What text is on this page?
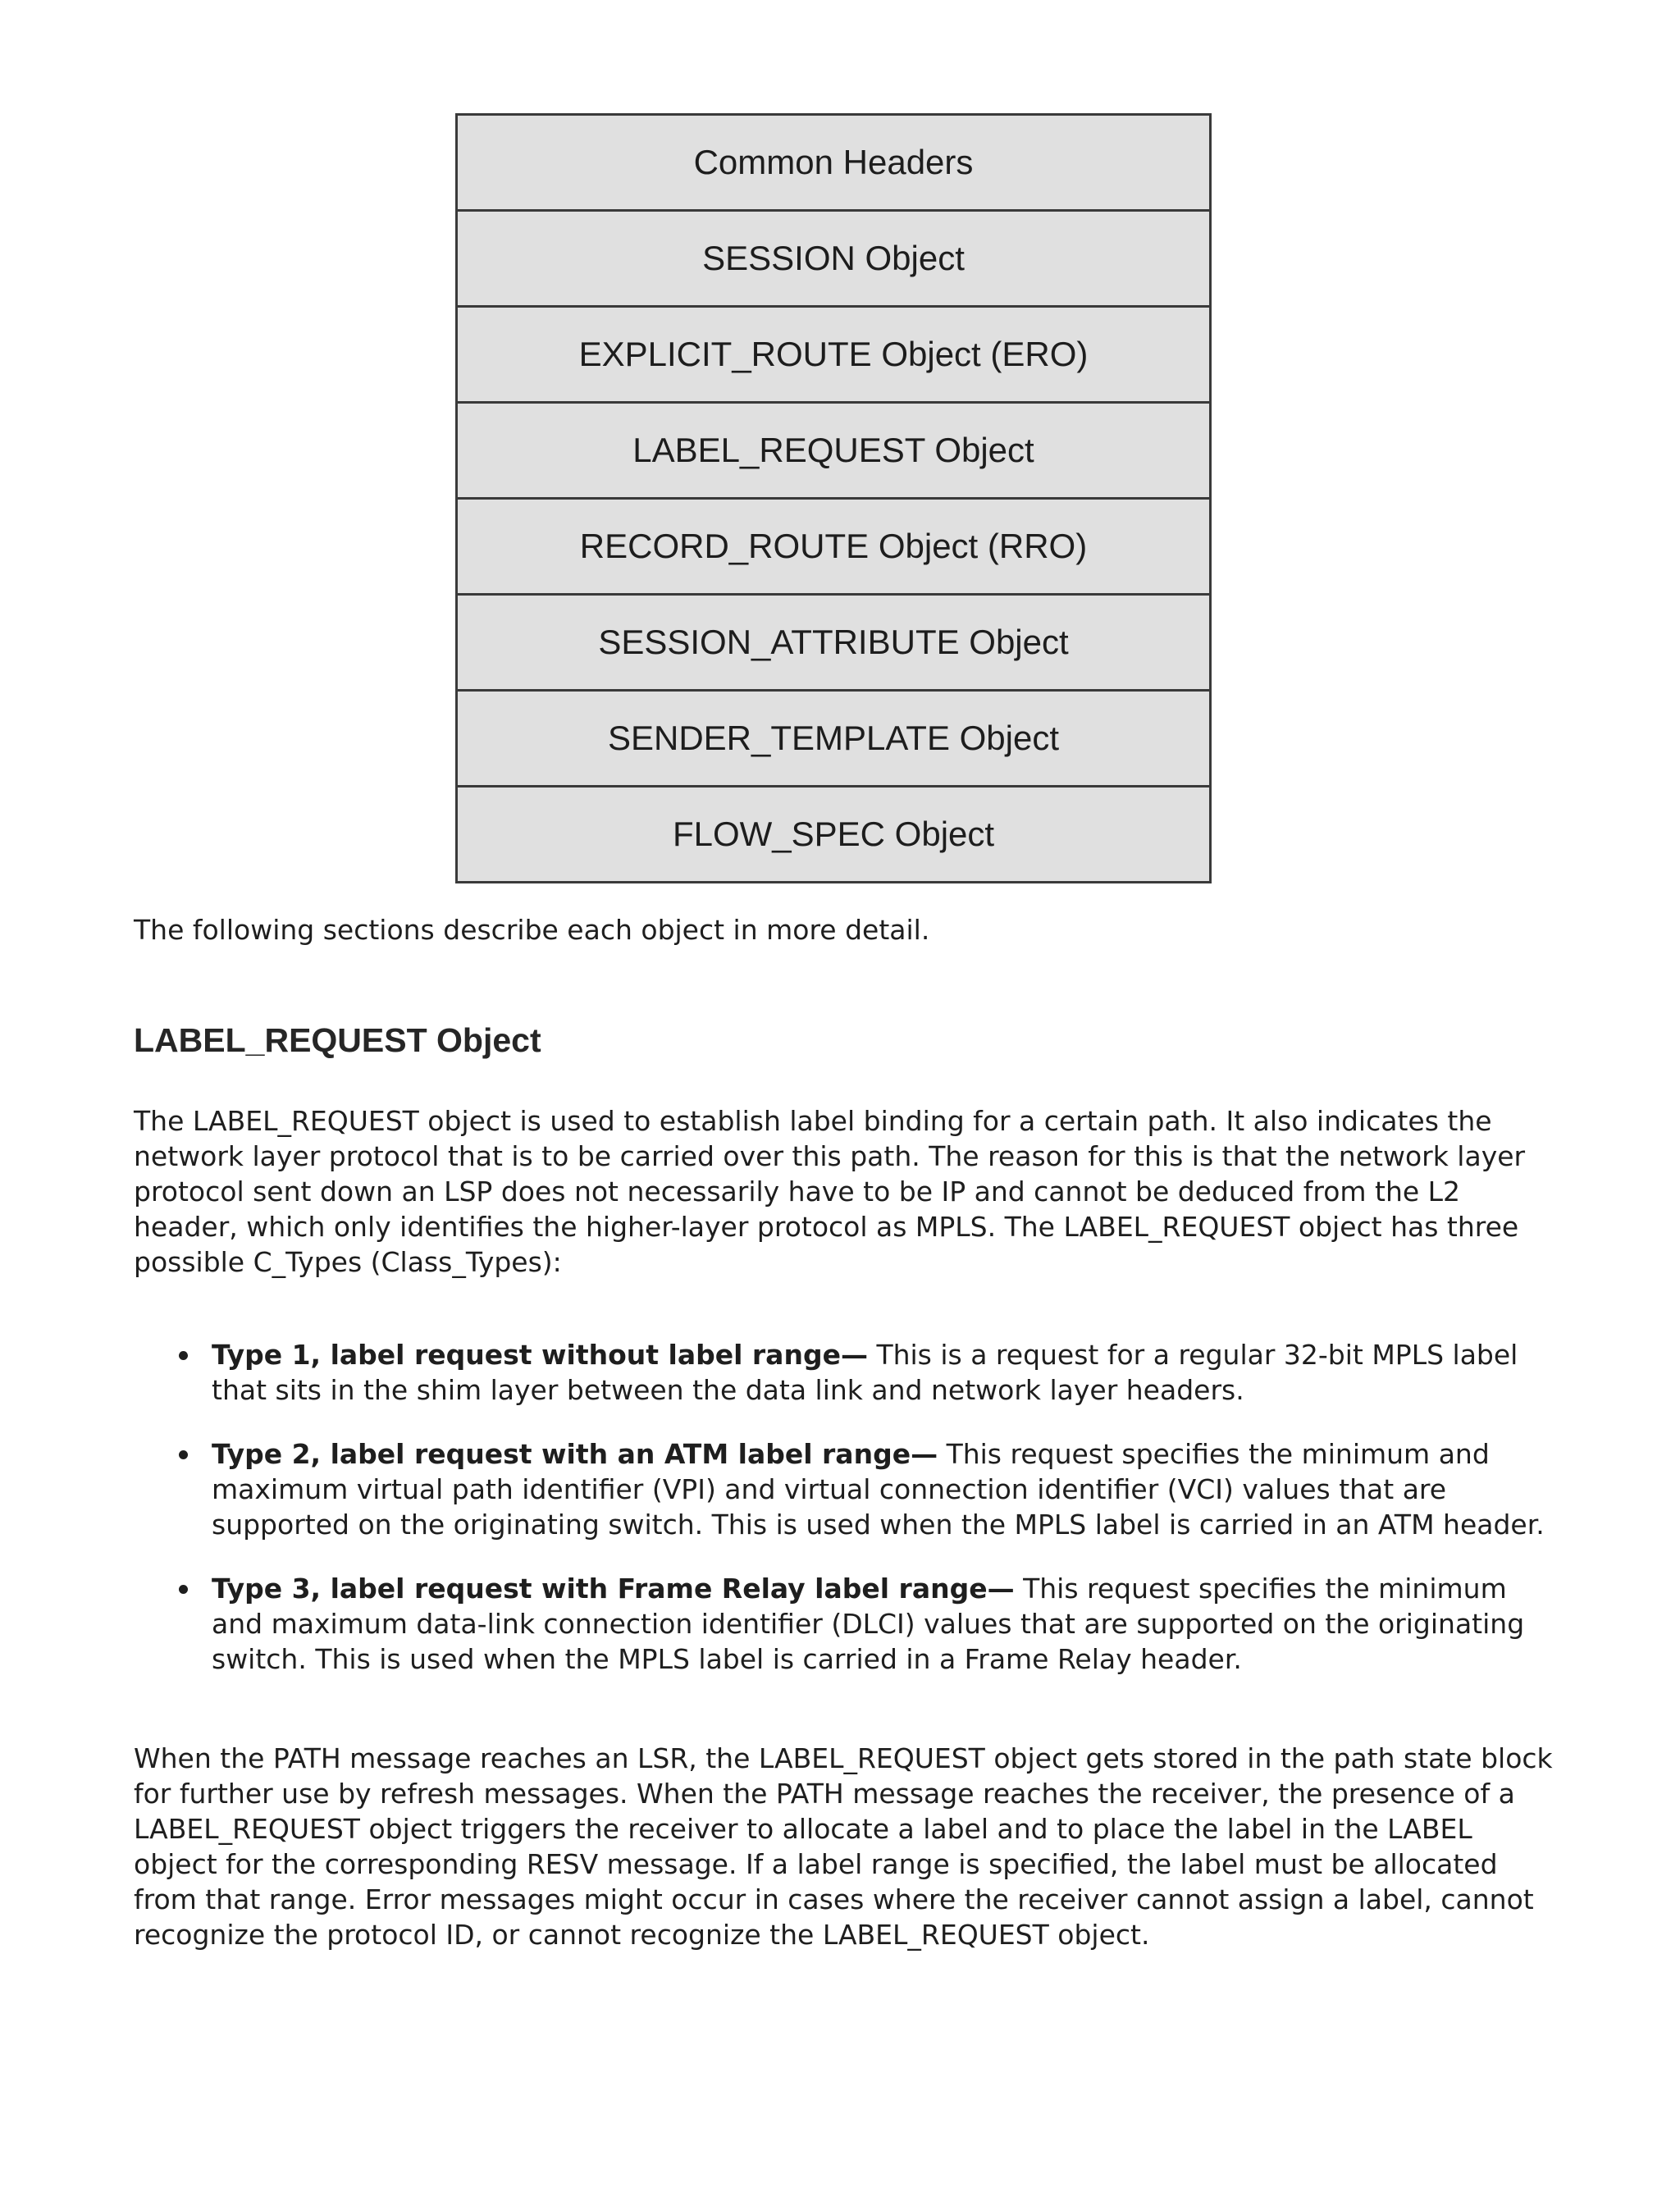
Common Headers
SESSION Object
EXPLICIT_ROUTE Object (ERO)
LABEL_REQUEST Object
RECORD_ROUTE Object (RRO)
SESSION_ATTRIBUTE Object
SENDER_TEMPLATE Object
FLOW_SPEC Object

The following sections describe each object in more detail.

LABEL_REQUEST Object

The LABEL_REQUEST object is used to establish label binding for a certain path. It also indicates the network layer protocol that is to be carried over this path. The reason for this is that the network layer protocol sent down an LSP does not necessarily have to be IP and cannot be deduced from the L2 header, which only identifies the higher-layer protocol as MPLS. The LABEL_REQUEST object has three possible C_Types (Class_Types):

Type 1, label request without label range— This is a request for a regular 32-bit MPLS label that sits in the shim layer between the data link and network layer headers.
Type 2, label request with an ATM label range— This request specifies the minimum and maximum virtual path identifier (VPI) and virtual connection identifier (VCI) values that are supported on the originating switch. This is used when the MPLS label is carried in an ATM header.
Type 3, label request with Frame Relay label range— This request specifies the minimum and maximum data-link connection identifier (DLCI) values that are supported on the originating switch. This is used when the MPLS label is carried in a Frame Relay header.

When the PATH message reaches an LSR, the LABEL_REQUEST object gets stored in the path state block for further use by refresh messages. When the PATH message reaches the receiver, the presence of a LABEL_REQUEST object triggers the receiver to allocate a label and to place the label in the LABEL object for the corresponding RESV message. If a label range is specified, the label must be allocated from that range. Error messages might occur in cases where the receiver cannot assign a label, cannot recognize the protocol ID, or cannot recognize the LABEL_REQUEST object.
